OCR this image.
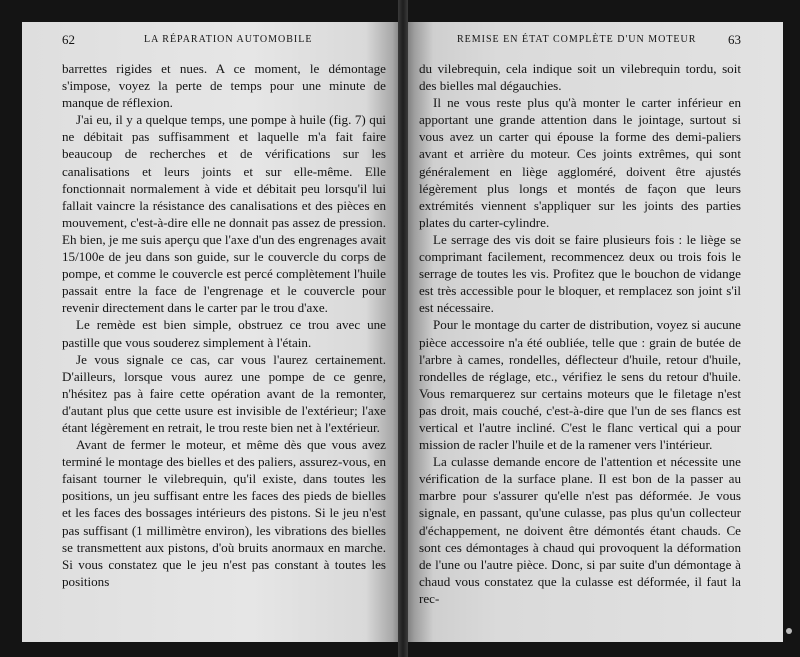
62	LA RÉPARATION AUTOMOBILE

barrettes rigides et nues. A ce moment, le démontage s'impose, voyez la perte de temps pour une minute de manque de réflexion.

J'ai eu, il y a quelque temps, une pompe à huile (fig. 7) qui ne débitait pas suffisamment et laquelle m'a fait faire beaucoup de recherches et de vérifications sur les canalisations et leurs joints et sur elle-même. Elle fonctionnait normalement à vide et débitait peu lorsqu'il lui fallait vaincre la résistance des canalisations et des pièces en mouvement, c'est-à-dire elle ne donnait pas assez de pression. Eh bien, je me suis aperçu que l'axe d'un des engrenages avait 15/100e de jeu dans son guide, sur le couvercle du corps de pompe, et comme le couvercle est percé complètement l'huile passait entre la face de l'engrenage et le couvercle pour revenir directement dans le carter par le trou d'axe.

Le remède est bien simple, obstruez ce trou avec une pastille que vous souderez simplement à l'étain.

Je vous signale ce cas, car vous l'aurez certainement. D'ailleurs, lorsque vous aurez une pompe de ce genre, n'hésitez pas à faire cette opération avant de la remonter, d'autant plus que cette usure est invisible de l'extérieur; l'axe étant légèrement en retrait, le trou reste bien net à l'extérieur.

Avant de fermer le moteur, et même dès que vous avez terminé le montage des bielles et des paliers, assurez-vous, en faisant tourner le vilebrequin, qu'il existe, dans toutes les positions, un jeu suffisant entre les faces des pieds de bielles et les faces des bossages intérieurs des pistons. Si le jeu n'est pas suffisant (1 millimètre environ), les vibrations des bielles se transmettent aux pistons, d'où bruits anormaux en marche. Si vous constatez que le jeu n'est pas constant à toutes les positions

REMISE EN ÉTAT COMPLÈTE D'UN MOTEUR 63

du vilebrequin, cela indique soit un vilebrequin tordu, soit des bielles mal dégauchies.

Il ne vous reste plus qu'à monter le carter inférieur en apportant une grande attention dans le jointage, surtout si vous avez un carter qui épouse la forme des demi-paliers avant et arrière du moteur. Ces joints extrêmes, qui sont généralement en liège aggloméré, doivent être ajustés légèrement plus longs et montés de façon que leurs extrémités viennent s'appliquer sur les joints des parties plates du carter-cylindre.

Le serrage des vis doit se faire plusieurs fois : le liège se comprimant facilement, recommencez deux ou trois fois le serrage de toutes les vis. Profitez que le bouchon de vidange est très accessible pour le bloquer, et remplacez son joint s'il est nécessaire.

Pour le montage du carter de distribution, voyez si aucune pièce accessoire n'a été oubliée, telle que : grain de butée de l'arbre à cames, rondelles, déflecteur d'huile, retour d'huile, rondelles de réglage, etc., vérifiez le sens du retour d'huile. Vous remarquerez sur certains moteurs que le filetage n'est pas droit, mais couché, c'est-à-dire que l'un de ses flancs est vertical et l'autre incliné. C'est le flanc vertical qui a pour mission de racler l'huile et de la ramener vers l'intérieur.

La culasse demande encore de l'attention et nécessite une vérification de la surface plane. Il est bon de la passer au marbre pour s'assurer qu'elle n'est pas déformée. Je vous signale, en passant, qu'une culasse, pas plus qu'un collecteur d'échappement, ne doivent être démontés étant chauds. Ce sont ces démontages à chaud qui provoquent la déformation de l'une ou l'autre pièce. Donc, si par suite d'un démontage à chaud vous constatez que la culasse est déformée, il faut la rec-
